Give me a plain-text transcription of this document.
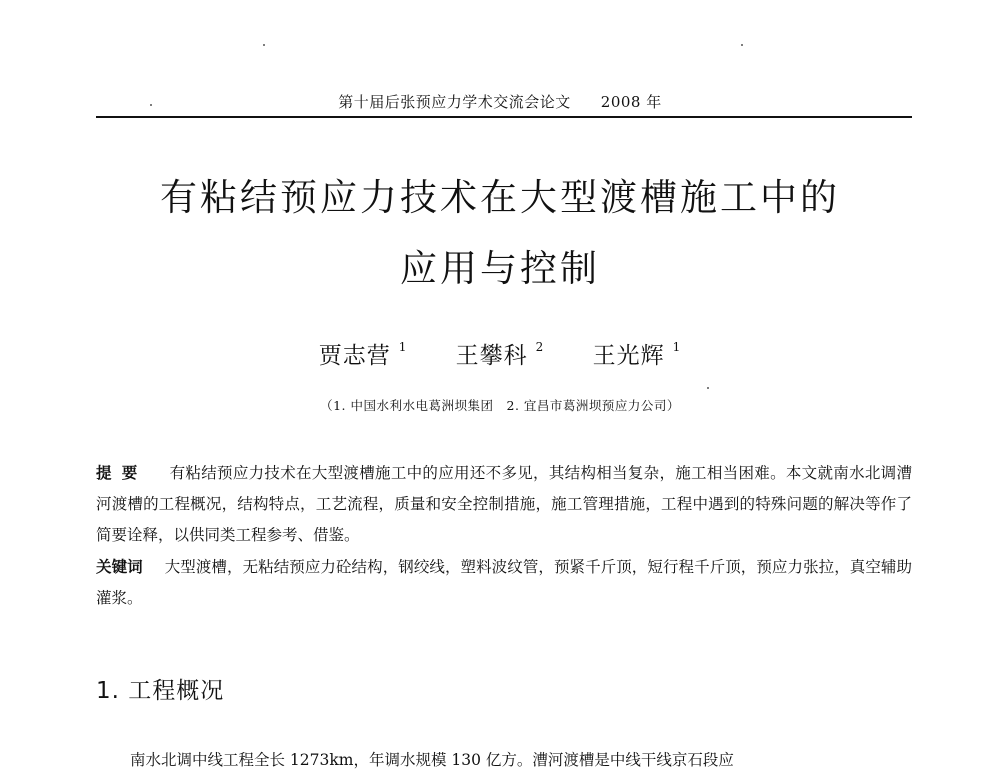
第十届后张预应力学术交流会论文 2008 年
有粘结预应力技术在大型渡槽施工中的
应用与控制
贾志营 $^1$ 王攀科 $^2$ 王光辉 $^1$
（1. 中国水利水电葛洲坝集团　2. 宜昌市葛洲坝预应力公司）

提要 有粘结预应力技术在大型渡槽施工中的应用还不多见，其结构相当复杂，施工相当困难。本文就南水北调漕河渡槽的工程概况，结构特点，工艺流程，质量和安全控制措施，施工管理措施，工程中遇到的特殊问题的解决等作了简要诠释，以供同类工程参考、借鉴。

关键词 大型渡槽，无粘结预应力砼结构，钢绞线，塑料波纹管，预紧千斤顶，短行程千斤顶，预应力张拉，真空辅助灌浆。

1. 工程概况
南水北调中线工程全长 1273km，年调水规模 130 亿方。漕河渡槽是中线干线京石段应
